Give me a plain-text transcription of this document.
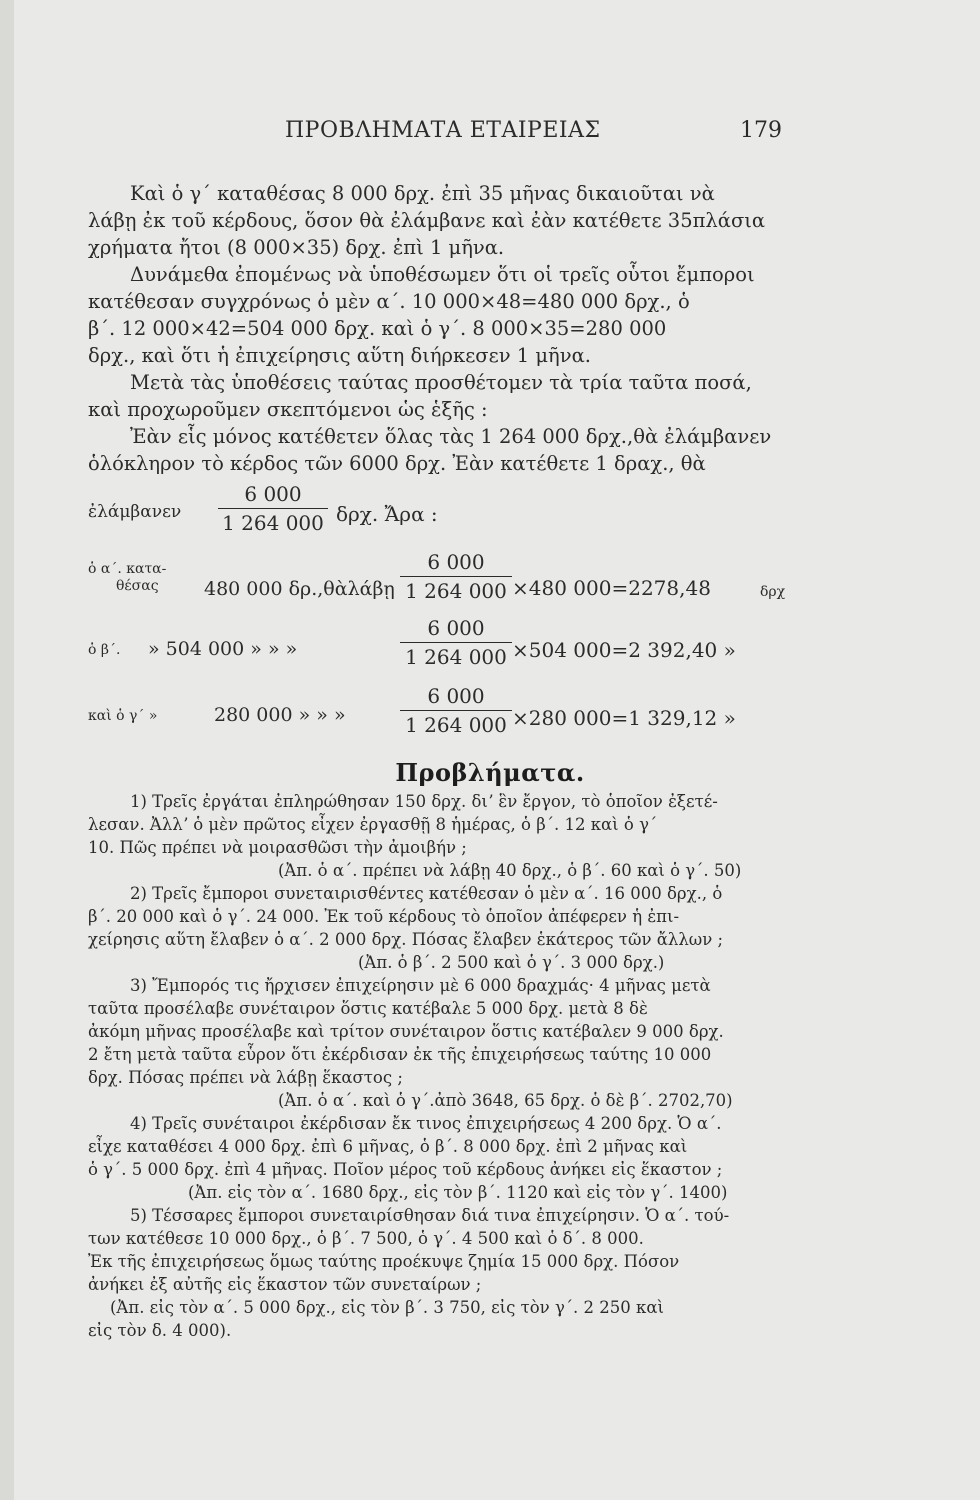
ΠΡΟΒΛΗΜΑΤΑ ΕΤΑΙΡΕΙΑΣ	179
Καὶ ὁ γ΄ καταθέσας 8 000 δρχ. ἐπὶ 35 μῆνας δικαιοῦται νὰ
λάβῃ ἐκ τοῦ κέρδους, ὅσον θὰ ἐλάμβανε καὶ ἐὰν κατέθετε 35πλάσια
χρήματα ἤτοι (8 000×35) δρχ. ἐπὶ 1 μῆνα.
Δυνάμεθα ἐπομένως νὰ ὑποθέσωμεν ὅτι οἱ τρεῖς οὗτοι ἔμποροι
κατέθεσαν συγχρόνως ὁ μὲν α΄. 10 000×48=480 000 δρχ., ὁ
β΄. 12 000×42=504 000 δρχ. καὶ ὁ γ΄. 8 000×35=280 000
δρχ., καὶ ὅτι ἡ ἐπιχείρησις αὕτη διήρκεσεν 1 μῆνα.
Μετὰ τὰς ὑποθέσεις ταύτας προσθέτομεν τὰ τρία ταῦτα ποσά,
καὶ προχωροῦμεν σκεπτόμενοι ὡς ἑξῆς :
Ἐὰν εἷς μόνος κατέθετεν ὅλας τὰς 1 264 000 δρχ.,θὰ ἐλάμβανεν
ὁλόκληρον τὸ κέρδος τῶν 6000 δρχ. Ἐὰν κατέθετε 1 δραχ., θὰ
ἐλάμβανεν $\frac{6 000}{1 264 000} \delta\rho\chi$. Ἄρα :
ὁ α΄. κατα-
θέσας 480 000 δρ.,θὰλάβῃ $\frac{6 000}{1 264 000} \times 480$ 000=2278,48	δρχ
ὁ β΄. » 504 000 » » »	$\frac{6 000}{1 264 000} \times 504$ 000=2 392,40 »
καὶ ὁ γ΄ »	280 000 » » »	$\frac{6 000}{1 264 000} \times 280$ 000=1 329,12 »
Προβλήματα.
1) Τρεῖς ἐργάται ἐπληρώθησαν 150 δρχ. διʼ ἓν ἔργον, τὸ ὁποῖον ἐξετέ-
λεσαν. Ἀλλʼ ὁ μὲν πρῶτος εἶχεν ἐργασθῇ 8 ἡμέρας, ὁ β΄. 12 καὶ ὁ γ΄
10. Πῶς πρέπει νὰ μοιρασθῶσι τὴν ἀμοιβήν ;
(Ἀπ. ὁ α΄. πρέπει νὰ λάβῃ 40 δρχ., ὁ β΄. 60 καὶ ὁ γ΄. 50)
2) Τρεῖς ἔμποροι συνεταιρισθέντες κατέθεσαν ὁ μὲν α΄. 16 000 δρχ., ὁ
β΄. 20 000 καὶ ὁ γ΄. 24 000. Ἐκ τοῦ κέρδους τὸ ὁποῖον ἀπέφερεν ἡ ἐπι-
χείρησις αὕτη ἔλαβεν ὁ α΄. 2 000 δρχ. Πόσας ἔλαβεν ἑκάτερος τῶν ἄλλων ;
(Ἀπ. ὁ β΄. 2 500 καὶ ὁ γ΄. 3 000 δρχ.)
3) Ἔμπορός τις ἤρχισεν ἐπιχείρησιν μὲ 6 000 δραχμάς· 4 μῆνας μετὰ
ταῦτα προσέλαβε συνέταιρον ὅστις κατέβαλε 5 000 δρχ. μετὰ 8 δὲ
ἀκόμη μῆνας προσέλαβε καὶ τρίτον συνέταιρον ὅστις κατέβαλεν 9 000 δρχ.
2 ἔτη μετὰ ταῦτα εὗρον ὅτι ἐκέρδισαν ἐκ τῆς ἐπιχειρήσεως ταύτης 10 000
δρχ. Πόσας πρέπει νὰ λάβῃ ἕκαστος ;
(Ἀπ. ὁ α΄. καὶ ὁ γ΄.ἀπὸ 3648, 65 δρχ. ὁ δὲ β΄. 2702,70)
4) Τρεῖς συνέταιροι ἐκέρδισαν ἔκ τινος ἐπιχειρήσεως 4 200 δρχ. Ὁ α΄.
εἶχε καταθέσει 4 000 δρχ. ἐπὶ 6 μῆνας, ὁ β΄. 8 000 δρχ. ἐπὶ 2 μῆνας καὶ
ὁ γ΄. 5 000 δρχ. ἐπὶ 4 μῆνας. Ποῖον μέρος τοῦ κέρδους ἀνήκει εἰς ἕκαστον ;
(Ἀπ. εἰς τὸν α΄. 1680 δρχ., εἰς τὸν β΄. 1120 καὶ εἰς τὸν γ΄. 1400)
5) Τέσσαρες ἔμποροι συνεταιρίσθησαν διά τινα ἐπιχείρησιν. Ὁ α΄. τού-
των κατέθεσε 10 000 δρχ., ὁ β΄. 7 500, ὁ γ΄. 4 500 καὶ ὁ δ΄. 8 000.
Ἐκ τῆς ἐπιχειρήσεως ὅμως ταύτης προέκυψε ζημία 15 000 δρχ. Πόσον
ἀνήκει ἐξ αὐτῆς εἰς ἕκαστον τῶν συνεταίρων ;
(Ἀπ. εἰς τὸν α΄. 5 000 δρχ., εἰς τὸν β΄. 3 750, εἰς τὸν γ΄. 2 250 καὶ
εἰς τὸν δ. 4 000).
